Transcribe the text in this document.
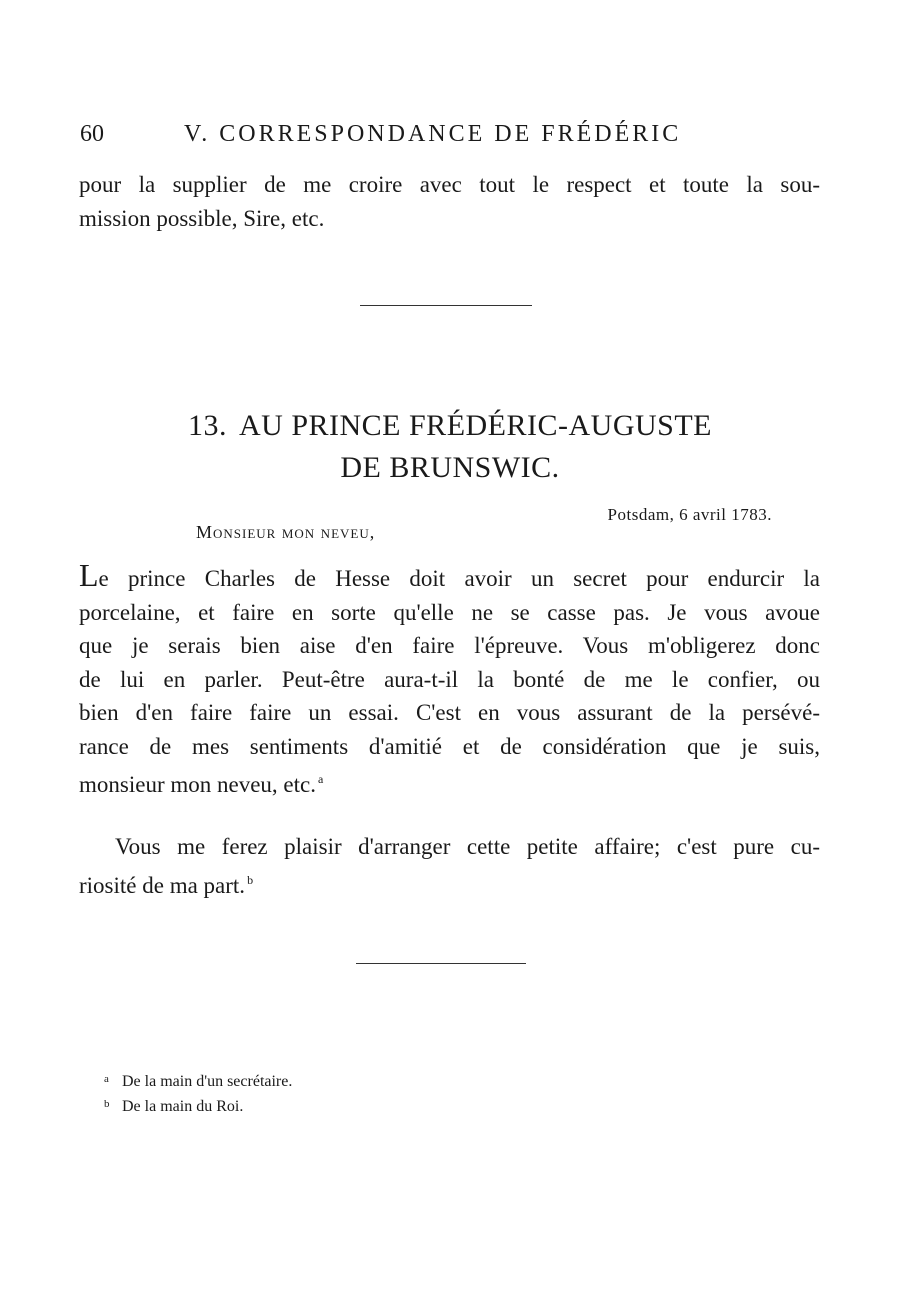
60	V. CORRESPONDANCE DE FRÉDÉRIC
pour la supplier de me croire avec tout le respect et toute la sou-
mission possible, Sire, etc.
13. AU PRINCE FRÉDÉRIC-AUGUSTE
DE BRUNSWIC.
Potsdam, 6 avril 1783.
Monsieur mon neveu,
Le prince Charles de Hesse doit avoir un secret pour endurcir la
porcelaine, et faire en sorte qu'elle ne se casse pas. Je vous avoue
que je serais bien aise d'en faire l'épreuve. Vous m'obligerez donc
de lui en parler. Peut-être aura-t-il la bonté de me le confier, ou
bien d'en faire faire un essai. C'est en vous assurant de la persévé-
rance de mes sentiments d'amitié et de considération que je suis,
monsieur mon neveu, etc. $^a$
Vous me ferez plaisir d'arranger cette petite affaire; c'est pure cu-
riosité de ma part. $^b$
a De la main d'un secrétaire.
b De la main du Roi.
